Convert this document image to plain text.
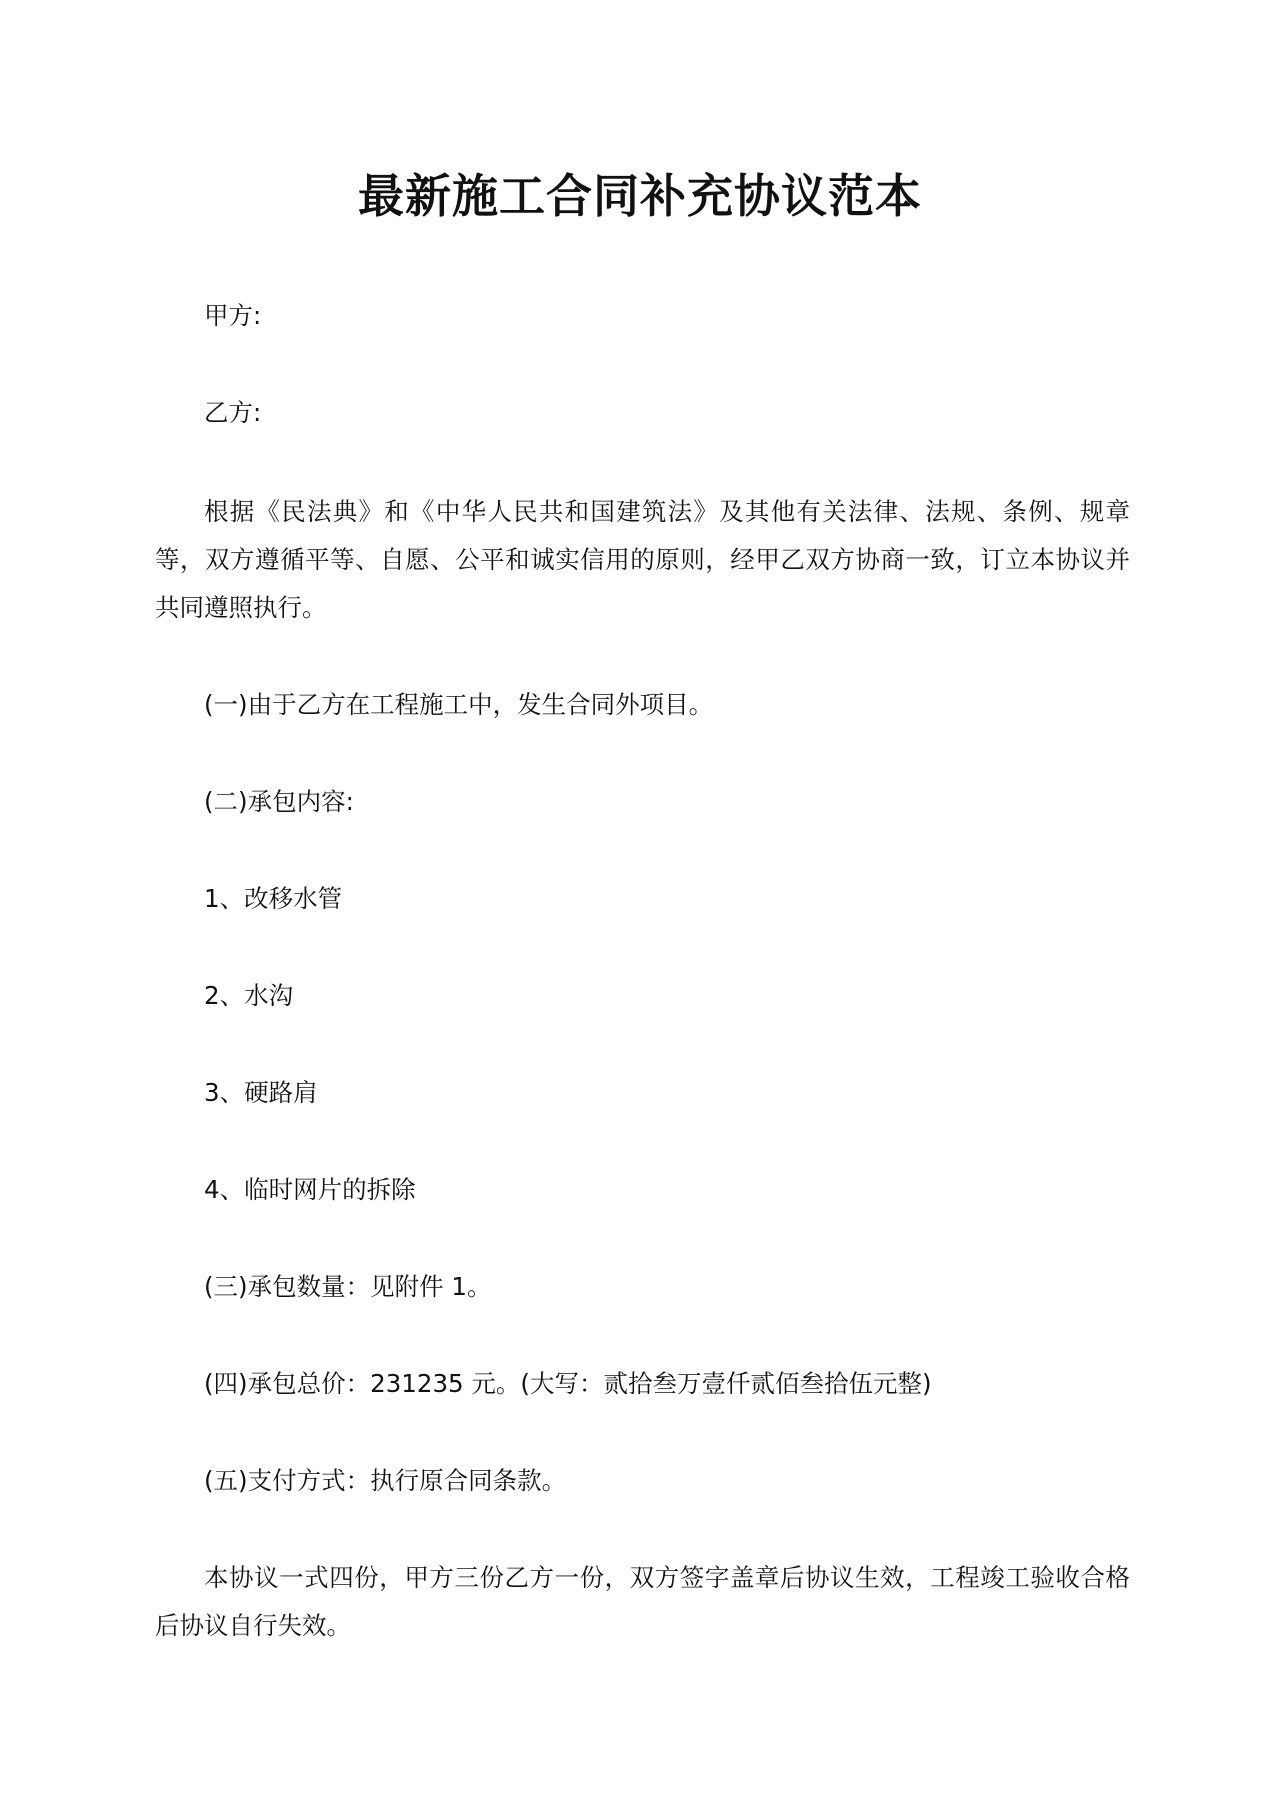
最新施工合同补充协议范本

甲方:

乙方:

根据《民法典》和《中华人民共和国建筑法》及其他有关法律、法规、条例、规章等，双方遵循平等、自愿、公平和诚实信用的原则，经甲乙双方协商一致，订立本协议并共同遵照执行。

(一)由于乙方在工程施工中，发生合同外项目。

(二)承包内容:

1、改移水管

2、水沟

3、硬路肩

4、临时网片的拆除

(三)承包数量：见附件 1。

(四)承包总价：231235 元。(大写：贰拾叁万壹仟贰佰叁拾伍元整)

(五)支付方式：执行原合同条款。

本协议一式四份，甲方三份乙方一份，双方签字盖章后协议生效，工程竣工验收合格后协议自行失效。
